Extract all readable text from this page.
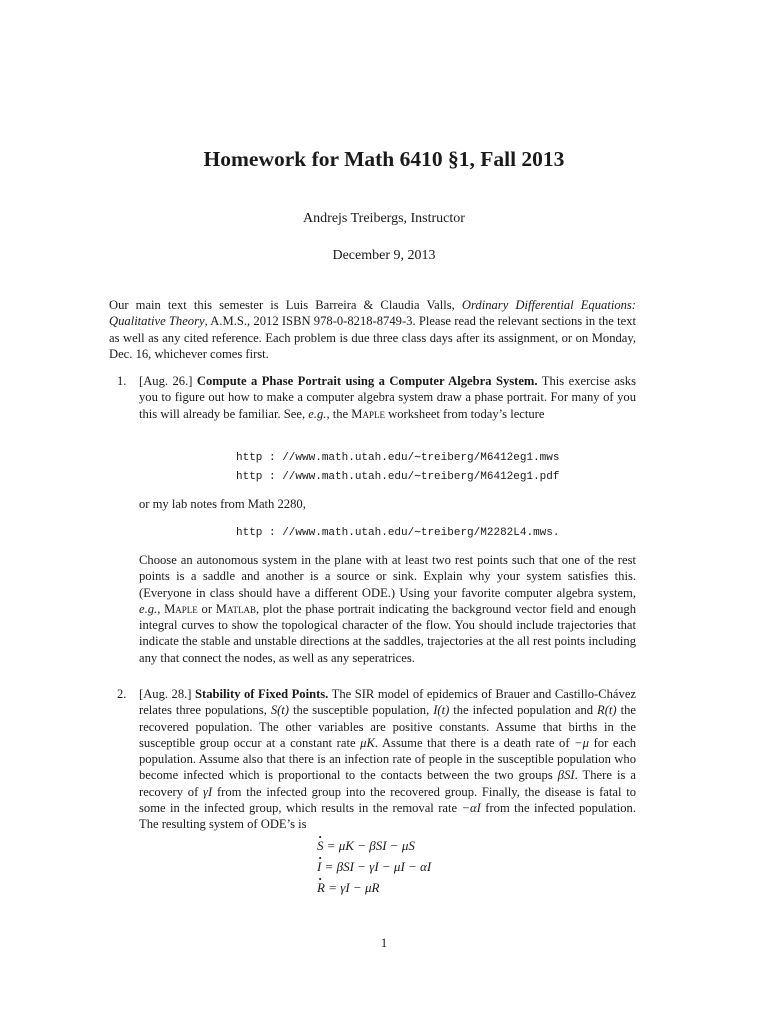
Homework for Math 6410 §1, Fall 2013
Andrejs Treibergs, Instructor
December 9, 2013
Our main text this semester is Luis Barreira & Claudia Valls, Ordinary Differential Equations: Qualitative Theory, A.M.S., 2012 ISBN 978-0-8218-8749-3. Please read the relevant sections in the text as well as any cited reference. Each problem is due three class days after its assignment, or on Monday, Dec. 16, whichever comes first.
1. [Aug. 26.] Compute a Phase Portrait using a Computer Algebra System. This exercise asks you to figure out how to make a computer algebra system draw a phase portrait. For many of you this will already be familiar. See, e.g., the Maple worksheet from today’s lecture
http : //www.math.utah.edu/∼treiberg/M6412eg1.mws
http : //www.math.utah.edu/∼treiberg/M6412eg1.pdf
or my lab notes from Math 2280,
http : //www.math.utah.edu/∼treiberg/M2282L4.mws.
Choose an autonomous system in the plane with at least two rest points such that one of the rest points is a saddle and another is a source or sink. Explain why your system satisfies this. (Everyone in class should have a different ODE.) Using your favorite computer algebra system, e.g., Maple or Matlab, plot the phase portrait indicating the background vector field and enough integral curves to show the topological character of the flow. You should include trajectories that indicate the stable and unstable directions at the saddles, trajectories at the all rest points including any that connect the nodes, as well as any seperatrices.
2. [Aug. 28.] Stability of Fixed Points. The SIR model of epidemics of Brauer and Castillo-Chávez relates three populations, S(t) the susceptible population, I(t) the infected population and R(t) the recovered population. The other variables are positive constants. Assume that births in the susceptible group occur at a constant rate μK. Assume that there is a death rate of −μ for each population. Assume also that there is an infection rate of people in the susceptible population who become infected which is proportional to the contacts between the two groups βSI. There is a recovery of γI from the infected group into the recovered group. Finally, the disease is fatal to some in the infected group, which results in the removal rate −αI from the infected population. The resulting system of ODE’s is
· S = μK − βSI − μS
· I = βSI − γI − μI − αI
· R = γI − μR
1
